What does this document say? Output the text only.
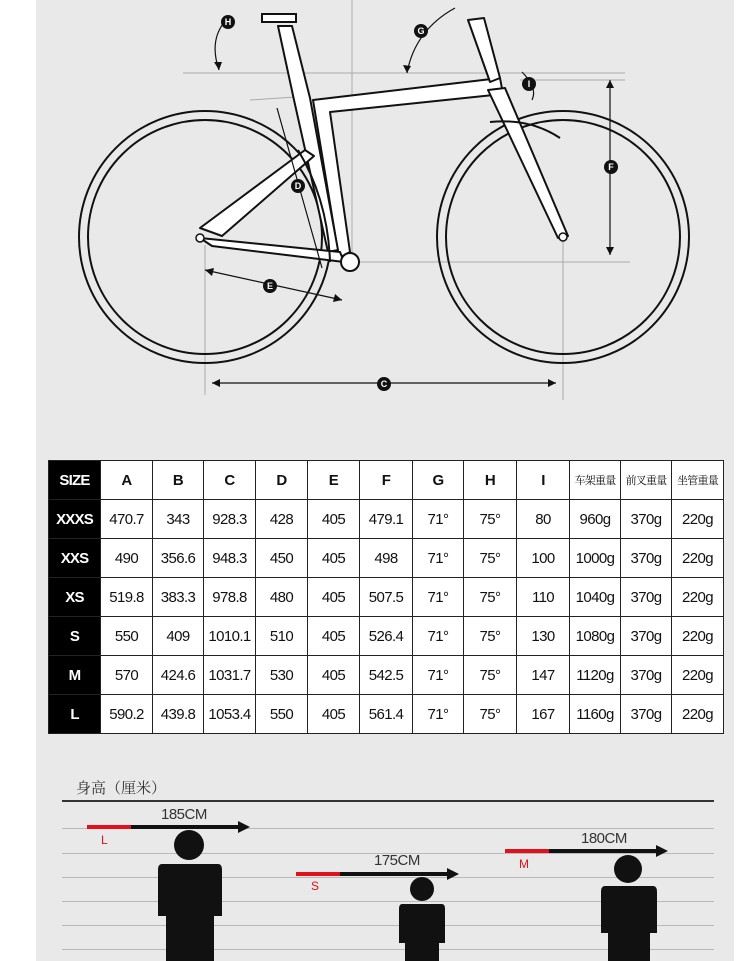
H
G
I
F
D
E
C
SIZE	A	B	C	D	E	F	G	H	I	车架重量	前叉重量	坐管重量
XXXS	470.7	343	928.3	428	405	479.1	71°	75°	80	960g	370g	220g
XXS	490	356.6	948.3	450	405	498	71°	75°	100	1000g	370g	220g
XS	519.8	383.3	978.8	480	405	507.5	71°	75°	110	1040g	370g	220g
S	550	409	1010.1	510	405	526.4	71°	75°	130	1080g	370g	220g
M	570	424.6	1031.7	530	405	542.5	71°	75°	147	1120g	370g	220g
L	590.2	439.8	1053.4	550	405	561.4	71°	75°	167	1160g	370g	220g
身高（厘米）
185CM
L
175CM
S
180CM
M
